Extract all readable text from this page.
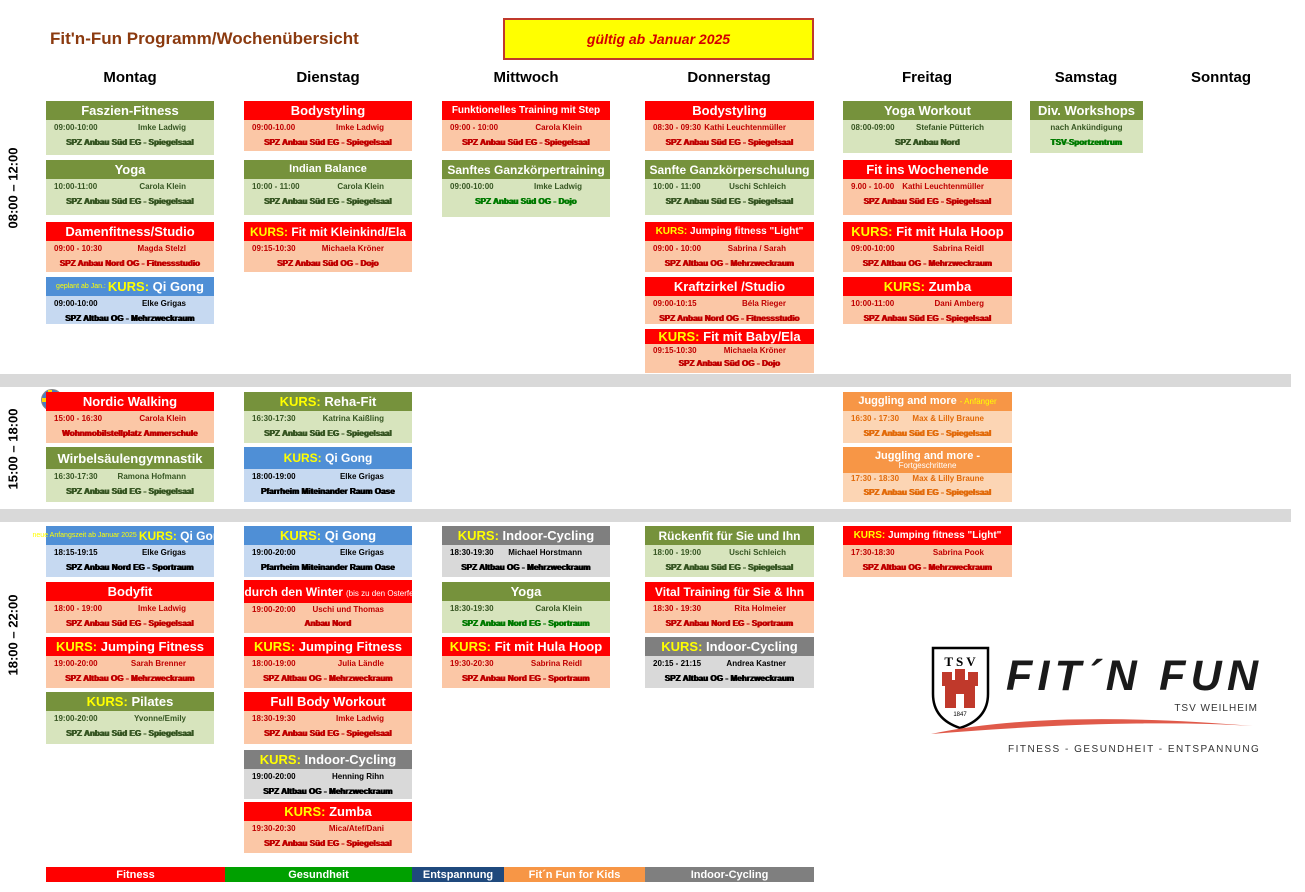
Fit'n-Fun Programm/Wochenübersicht	gültig ab Januar 2025
Montag	Dienstag	Mittwoch	Donnerstag	Freitag	Samstag	Sonntag
08:00 – 12:00
15:00 – 18:00
18:00 – 22:00
Faszien-Fitness
09:00-10:00	Imke Ladwig
SPZ Anbau Süd EG - Spiegelsaal
Yoga
10:00-11:00	Carola Klein
SPZ Anbau Süd EG - Spiegelsaal
Damenfitness/Studio
09:00 - 10:30	Magda Stelzl
SPZ Anbau Nord OG - Fitnessstudio
geplant ab Jan.: KURS:
Qi Gong
09:00-10:00	Elke Grigas
SPZ Altbau OG - Mehrzweckraum
Bodystyling
09:00-10.00	Imke Ladwig
SPZ Anbau Süd EG - Spiegelsaal
Indian Balance
10:00 - 11:00	Carola Klein
SPZ Anbau Süd EG - Spiegelsaal
KURS:
Fit mit Kleinkind/Ela
09:15-10:30	Michaela Kröner
SPZ Anbau Süd OG - Dojo
Funktionelles Training mit Step
09:00 - 10:00	Carola Klein
SPZ Anbau Süd EG - Spiegelsaal
Sanftes Ganzkörpertraining
09:00-10:00	Imke Ladwig
SPZ Anbau Süd OG - Dojo
Bodystyling
08:30 - 09:30 Kathi Leuchtenmüller
SPZ Anbau Süd EG - Spiegelsaal
Sanfte Ganzkörperschulung
10:00 - 11:00	Uschi Schleich
SPZ Anbau Süd EG - Spiegelsaal
KURS:
Jumping fitness "Light"
09:00 - 10:00	Sabrina / Sarah
SPZ Altbau OG - Mehrzweckraum
Kraftzirkel /Studio
09:00-10:15	Béla Rieger
SPZ Anbau Nord OG - Fitnessstudio
KURS:
Fit mit Baby/Ela
09:15-10:30	Michaela Kröner
SPZ Anbau Süd OG - Dojo
Yoga Workout
08:00-09:00	Stefanie Pütterich
SPZ Anbau Nord
Fit ins Wochenende
9.00 - 10-00 Kathi Leuchtenmüller
SPZ Anbau Süd EG - Spiegelsaal
KURS:
Fit mit Hula Hoop
09:00-10:00	Sabrina Reidl
SPZ Altbau OG - Mehrzweckraum
KURS:
Zumba
10:00-11:00	Dani Amberg
SPZ Anbau Süd EG - Spiegelsaal
Div. Workshops
nach Ankündigung
TSV-Sportzentrum
Nordic Walking
15:00 - 16:30	Carola Klein
Wohnmobilstellplatz Ammerschule
Wirbelsäulengymnastik
16:30-17:30 Ramona Hofmann
SPZ Anbau Süd EG - Spiegelsaal
KURS:
Reha-Fit
16:30-17:30	Katrina Kaißling
SPZ Anbau Süd EG - Spiegelsaal
KURS:
Qi Gong
18:00-19:00	Elke Grigas
Pfarrheim Miteinander Raum Oase
Juggling and more - Anfänger
16:30 - 17:30 Max & Lilly Braune
SPZ Anbau Süd EG - Spiegelsaal
Juggling and more -
Fortgeschrittene
17:30 - 18:30 Max & Lilly Braune
SPZ Anbau Süd EG - Spiegelsaal
neue Anfangszeit ab Januar 2025 KURS:
Qi Gong
18:15-19:15	Elke Grigas
SPZ Anbau Nord EG - Sportraum
Bodyfit
18:00 - 19:00	Imke Ladwig
SPZ Anbau Süd EG - Spiegelsaal
KURS:
Jumping Fitness
19:00-20:00	Sarah Brenner
SPZ Altbau OG - Mehrzweckraum
KURS:
Pilates
19:00-20:00	Yvonne/Emily
SPZ Anbau Süd EG - Spiegelsaal
KURS:
Qi Gong
19:00-20:00	Elke Grigas
Pfarrheim Miteinander Raum Oase
Fit durch den Winter (bis zu den Osterferien)
19:00-20:00 Uschi und Thomas
Anbau Nord
KURS:
Jumping Fitness
18:00-19:00	Julia Ländle
SPZ Altbau OG - Mehrzweckraum
Full Body Workout
18:30-19:30	Imke Ladwig
SPZ Anbau Süd EG - Spiegelsaal
KURS:
Indoor-Cycling
19:00-20:00	Henning Rihn
SPZ Altbau OG - Mehrzweckraum
KURS:
Zumba
19:30-20:30	Mica/Atef/Dani
SPZ Anbau Süd EG - Spiegelsaal
KURS:
Indoor-Cycling
18:30-19:30 Michael Horstmann
SPZ Altbau OG - Mehrzweckraum
Yoga
18:30-19:30	Carola Klein
SPZ Anbau Nord EG - Sportraum
KURS:
Fit mit Hula Hoop
19:30-20:30	Sabrina Reidl
SPZ Anbau Nord EG - Sportraum
Rückenfit für Sie und Ihn
18:00 - 19:00	Uschi Schleich
SPZ Anbau Süd EG - Spiegelsaal
Vital Training für Sie & Ihn
18:30 - 19:30	Rita Holmeier
SPZ Anbau Nord EG - Sportraum
KURS:
Indoor-Cycling
20:15 - 21:15	Andrea Kastner
SPZ Altbau OG - Mehrzweckraum
KURS:
Jumping fitness "Light"
17:30-18:30	Sabrina Pook
SPZ Altbau OG - Mehrzweckraum
T S V
1847
FIT´N FUN
TSV WEILHEIM
FITNESS - GESUNDHEIT - ENTSPANNUNG
Fitness	Gesundheit	Entspannung	Fit´n Fun for Kids	Indoor-Cycling
